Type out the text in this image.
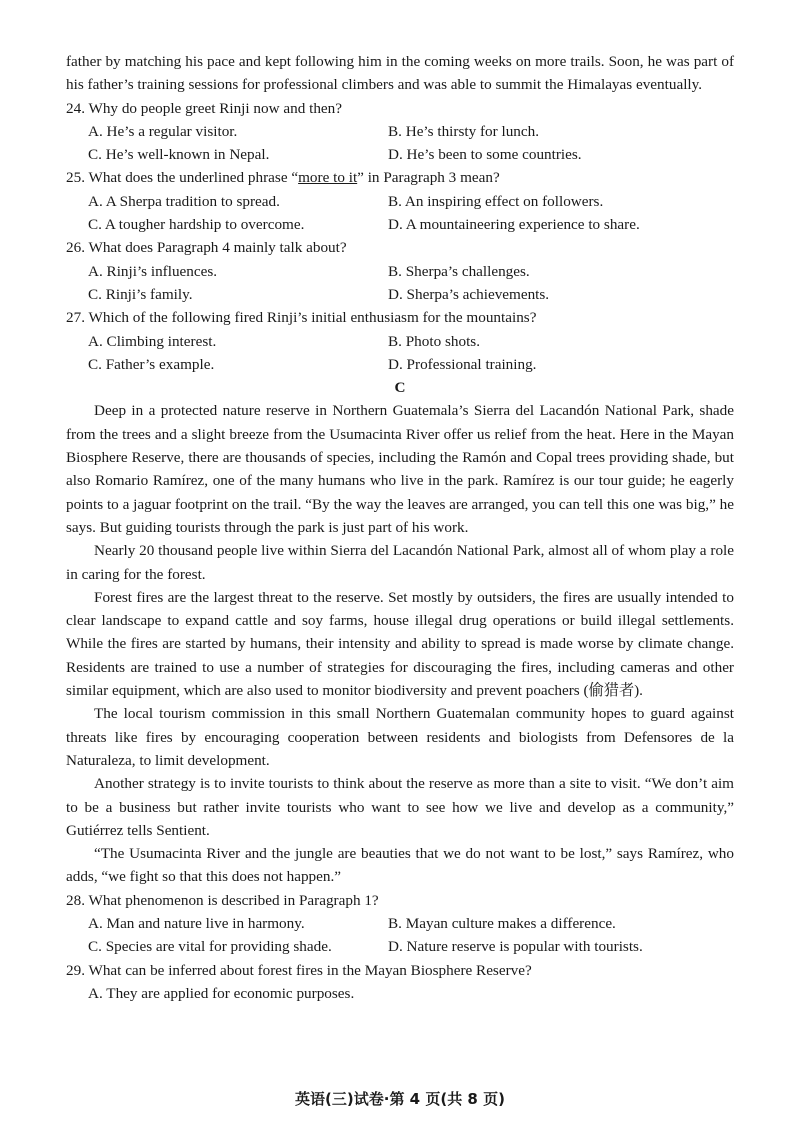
father by matching his pace and kept following him in the coming weeks on more trails. Soon, he was part of his father’s training sessions for professional climbers and was able to summit the Himalayas eventually.

24. Why do people greet Rinji now and then?

A. He’s a regular visitor.	B. He’s thirsty for lunch.
C. He’s well-known in Nepal.	D. He’s been to some countries.

25. What does the underlined phrase “more to it” in Paragraph 3 mean?

A. A Sherpa tradition to spread.	B. An inspiring effect on followers.
C. A tougher hardship to overcome.	D. A mountaineering experience to share.

26. What does Paragraph 4 mainly talk about?

A. Rinji’s influences.	B. Sherpa’s challenges.
C. Rinji’s family.	D. Sherpa’s achievements.

27. Which of the following fired Rinji’s initial enthusiasm for the mountains?

A. Climbing interest.	B. Photo shots.
C. Father’s example.	D. Professional training.
C

Deep in a protected nature reserve in Northern Guatemala’s Sierra del Lacandón National Park, shade from the trees and a slight breeze from the Usumacinta River offer us relief from the heat. Here in the Mayan Biosphere Reserve, there are thousands of species, including the Ramón and Copal trees providing shade, but also Romario Ramírez, one of the many humans who live in the park. Ramírez is our tour guide; he eagerly points to a jaguar footprint on the trail. “By the way the leaves are arranged, you can tell this one was big,” he says. But guiding tourists through the park is just part of his work.

Nearly 20 thousand people live within Sierra del Lacandón National Park, almost all of whom play a role in caring for the forest.

Forest fires are the largest threat to the reserve. Set mostly by outsiders, the fires are usually intended to clear landscape to expand cattle and soy farms, house illegal drug operations or build illegal settlements. While the fires are started by humans, their intensity and ability to spread is made worse by climate change. Residents are trained to use a number of strategies for discouraging the fires, including cameras and other similar equipment, which are also used to monitor biodiversity and prevent poachers (偷猎者).

The local tourism commission in this small Northern Guatemalan community hopes to guard against threats like fires by encouraging cooperation between residents and biologists from Defensores de la Naturaleza, to limit development.

Another strategy is to invite tourists to think about the reserve as more than a site to visit. “We don’t aim to be a business but rather invite tourists who want to see how we live and develop as a community,” Gutiérrez tells Sentient.

“The Usumacinta River and the jungle are beauties that we do not want to be lost,” says Ramírez, who adds, “we fight so that this does not happen.”

28. What phenomenon is described in Paragraph 1?

A. Man and nature live in harmony.	B. Mayan culture makes a difference.
C. Species are vital for providing shade.	D. Nature reserve is popular with tourists.

29. What can be inferred about forest fires in the Mayan Biosphere Reserve?

A. They are applied for economic purposes.
英语(三)试卷·第 4 页(共 8 页)
